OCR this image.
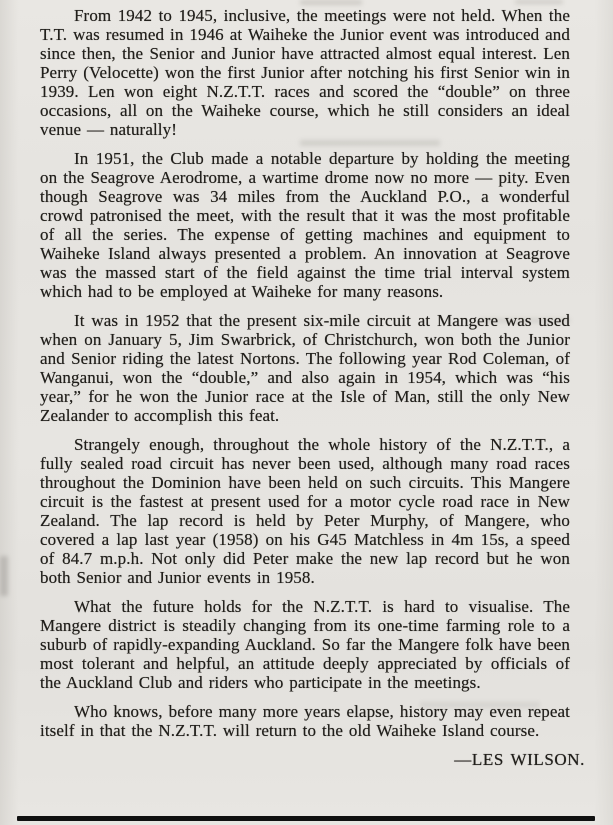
From 1942 to 1945, inclusive, the meetings were not held. When the T.T. was resumed in 1946 at Waiheke the Junior event was introduced and since then, the Senior and Junior have attracted almost equal interest. Len Perry (Velocette) won the first Junior after notching his first Senior win in 1939. Len won eight N.Z.T.T. races and scored the “double” on three occasions, all on the Waiheke course, which he still considers an ideal venue — naturally!

In 1951, the Club made a notable departure by holding the meeting on the Seagrove Aerodrome, a wartime drome now no more — pity. Even though Seagrove was 34 miles from the Auckland P.O., a wonderful crowd patronised the meet, with the result that it was the most profitable of all the series. The expense of getting machines and equipment to Waiheke Island always presented a problem. An innovation at Seagrove was the massed start of the field against the time trial interval system which had to be employed at Waiheke for many reasons.

It was in 1952 that the present six-mile circuit at Mangere was used when on January 5, Jim Swarbrick, of Christchurch, won both the Junior and Senior riding the latest Nortons. The following year Rod Coleman, of Wanganui, won the “double,” and also again in 1954, which was “his year,” for he won the Junior race at the Isle of Man, still the only New Zealander to accomplish this feat.

Strangely enough, throughout the whole history of the N.Z.T.T., a fully sealed road circuit has never been used, although many road races throughout the Dominion have been held on such circuits. This Mangere circuit is the fastest at present used for a motor cycle road race in New Zealand. The lap record is held by Peter Murphy, of Mangere, who covered a lap last year (1958) on his G45 Matchless in 4m 15s, a speed of 84.7 m.p.h. Not only did Peter make the new lap record but he won both Senior and Junior events in 1958.

What the future holds for the N.Z.T.T. is hard to visualise. The Mangere district is steadily changing from its one-time farming role to a suburb of rapidly-expanding Auckland. So far the Mangere folk have been most tolerant and helpful, an attitude deeply appreciated by officials of the Auckland Club and riders who participate in the meetings.

Who knows, before many more years elapse, history may even repeat itself in that the N.Z.T.T. will return to the old Waiheke Island course.

—LES WILSON.
